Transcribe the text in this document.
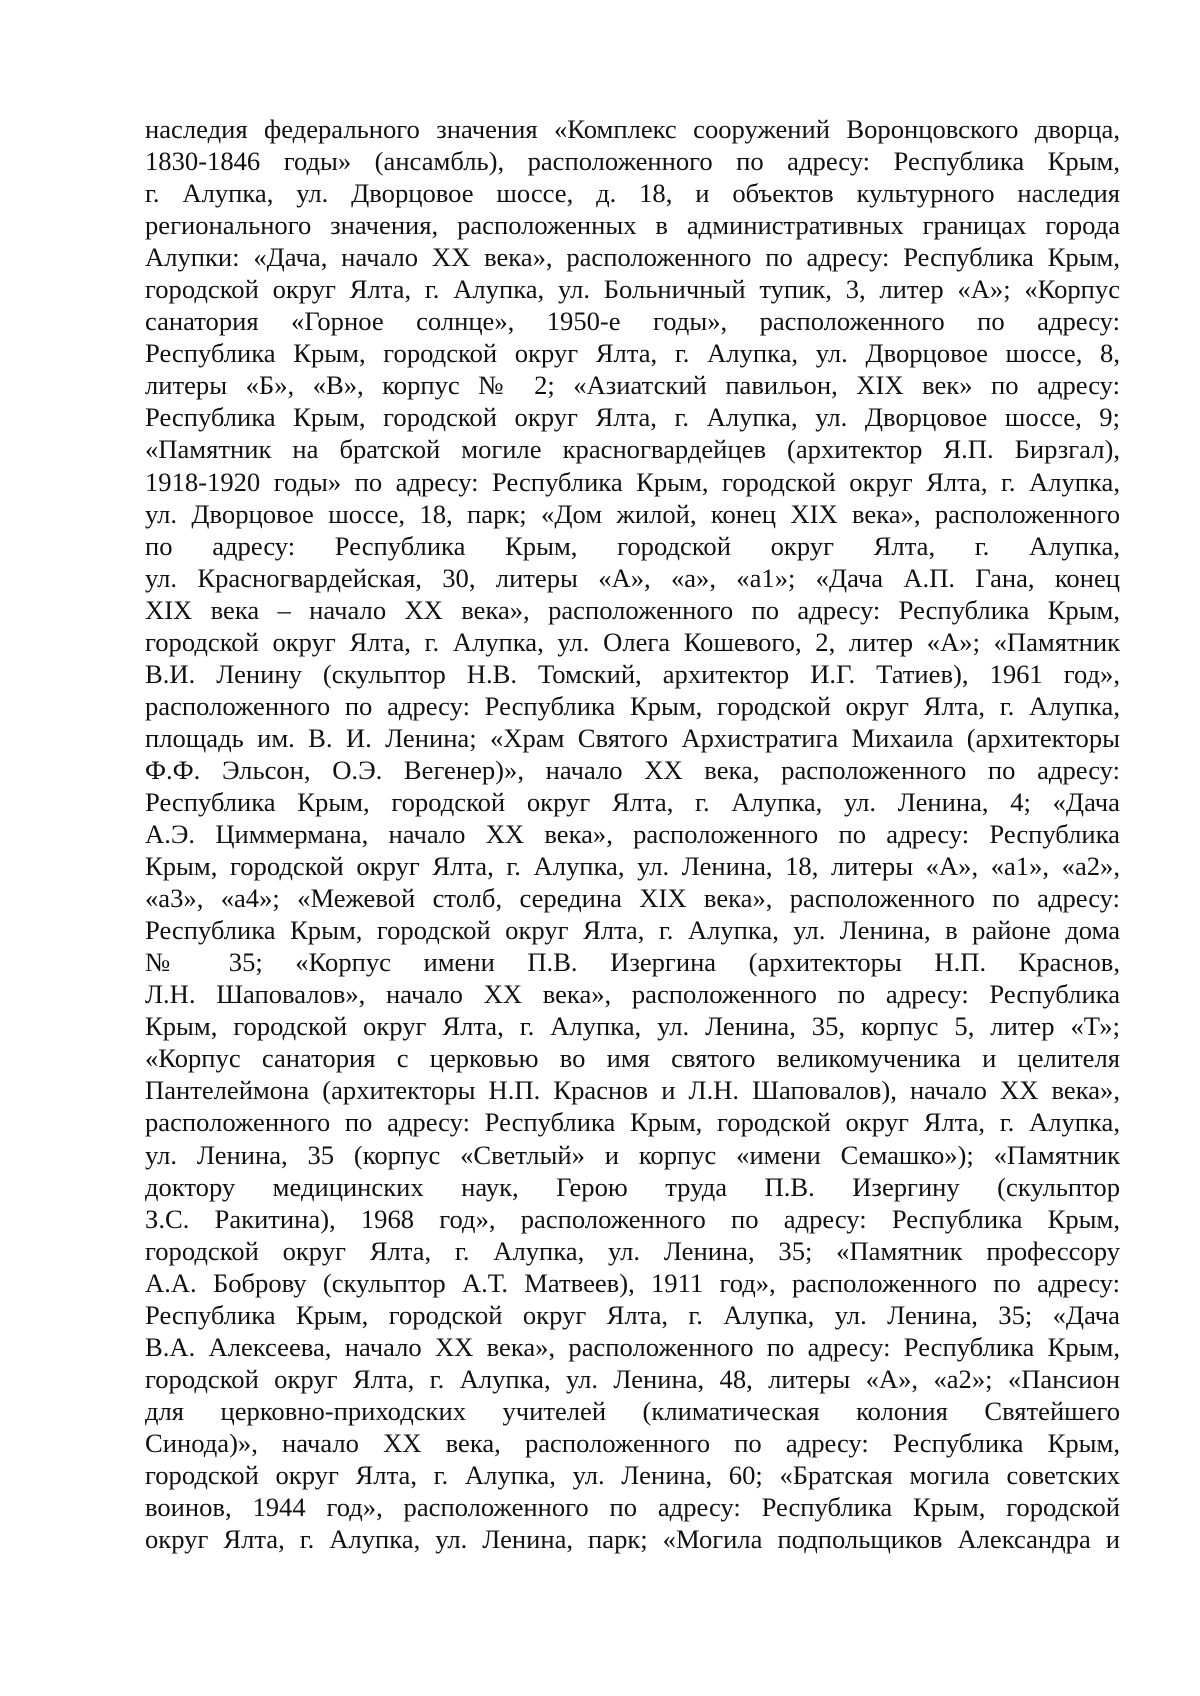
наследия федерального значения «Комплекс сооружений Воронцовского дворца,
1830-1846 годы» (ансамбль), расположенного по адресу: Республика Крым,
г. Алупка, ул. Дворцовое шоссе, д. 18, и объектов культурного наследия
регионального значения, расположенных в административных границах города
Алупки: «Дача, начало XX века», расположенного по адресу: Республика Крым,
городской округ Ялта, г. Алупка, ул. Больничный тупик, 3, литер «А»; «Корпус
санатория «Горное солнце», 1950-е годы», расположенного по адресу:
Республика Крым, городской округ Ялта, г. Алупка, ул. Дворцовое шоссе, 8,
литеры «Б», «В», корпус № 2; «Азиатский павильон, XIX век» по адресу:
Республика Крым, городской округ Ялта, г. Алупка, ул. Дворцовое шоссе, 9;
«Памятник на братской могиле красногвардейцев (архитектор Я.П. Бирзгал),
1918-1920 годы» по адресу: Республика Крым, городской округ Ялта, г. Алупка,
ул. Дворцовое шоссе, 18, парк; «Дом жилой, конец XIX века», расположенного
по адресу: Республика Крым, городской округ Ялта, г. Алупка,
ул. Красногвардейская, 30, литеры «А», «а», «а1»; «Дача А.П. Гана, конец
XIX века – начало XX века», расположенного по адресу: Республика Крым,
городской округ Ялта, г. Алупка, ул. Олега Кошевого, 2, литер «А»; «Памятник
В.И. Ленину (скульптор Н.В. Томский, архитектор И.Г. Татиев), 1961 год»,
расположенного по адресу: Республика Крым, городской округ Ялта, г. Алупка,
площадь им. В. И. Ленина; «Храм Святого Архистратига Михаила (архитекторы
Ф.Ф. Эльсон, О.Э. Вегенер)», начало XX века, расположенного по адресу:
Республика Крым, городской округ Ялта, г. Алупка, ул. Ленина, 4; «Дача
А.Э. Циммермана, начало XX века», расположенного по адресу: Республика
Крым, городской округ Ялта, г. Алупка, ул. Ленина, 18, литеры «А», «а1», «а2»,
«а3», «а4»; «Межевой столб, середина XIX века», расположенного по адресу:
Республика Крым, городской округ Ялта, г. Алупка, ул. Ленина, в районе дома
№ 35; «Корпус имени П.В. Изергина (архитекторы Н.П. Краснов,
Л.Н. Шаповалов», начало XX века», расположенного по адресу: Республика
Крым, городской округ Ялта, г. Алупка, ул. Ленина, 35, корпус 5, литер «Т»;
«Корпус санатория с церковью во имя святого великомученика и целителя
Пантелеймона (архитекторы Н.П. Краснов и Л.Н. Шаповалов), начало XX века»,
расположенного по адресу: Республика Крым, городской округ Ялта, г. Алупка,
ул. Ленина, 35 (корпус «Светлый» и корпус «имени Семашко»); «Памятник
доктору медицинских наук, Герою труда П.В. Изергину (скульптор
З.С. Ракитина), 1968 год», расположенного по адресу: Республика Крым,
городской округ Ялта, г. Алупка, ул. Ленина, 35; «Памятник профессору
А.А. Боброву (скульптор А.Т. Матвеев), 1911 год», расположенного по адресу:
Республика Крым, городской округ Ялта, г. Алупка, ул. Ленина, 35; «Дача
В.А. Алексеева, начало XX века», расположенного по адресу: Республика Крым,
городской округ Ялта, г. Алупка, ул. Ленина, 48, литеры «А», «а2»; «Пансион
для церковно-приходских учителей (климатическая колония Святейшего
Синода)», начало XX века, расположенного по адресу: Республика Крым,
городской округ Ялта, г. Алупка, ул. Ленина, 60; «Братская могила советских
воинов, 1944 год», расположенного по адресу: Республика Крым, городской
округ Ялта, г. Алупка, ул. Ленина, парк; «Могила подпольщиков Александра и
